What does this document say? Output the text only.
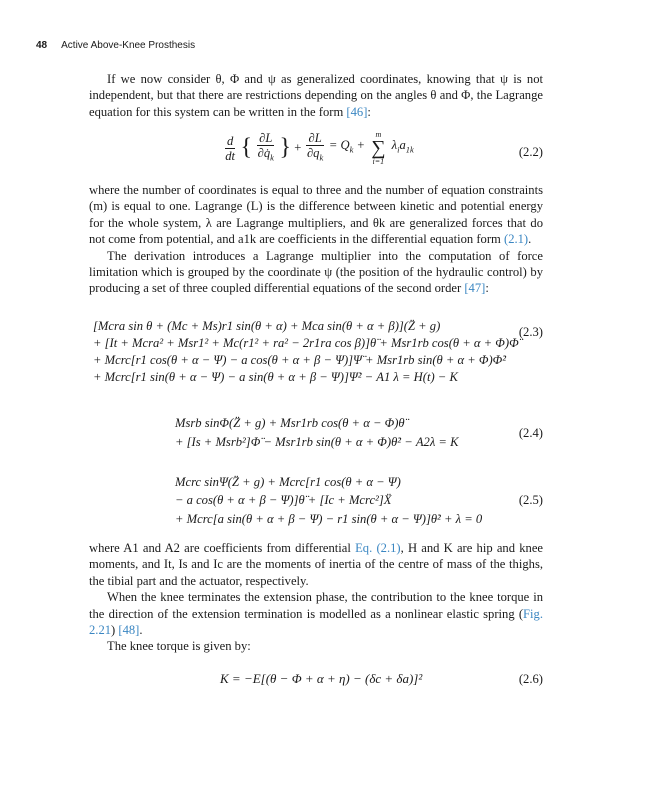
48 Active Above-Knee Prosthesis

If we now consider θ, Φ and ψ as generalized coordinates, knowing that ψ is not independent, but that there are restrictions depending on the angles θ and Φ, the Lagrange equation for this system can be written in the form [46]:

$\frac{d}{dt}$ { $\frac{\partial L}{\partial q̇_k}$ } + $\frac{\partial L}{\partial q_k} = Q_k$ +
m
∑
i=1
$\lambda_ia_{1k}$	(2.2)

where the number of coordinates is equal to three and the number of equation constraints (m) is equal to one. Lagrange (L) is the difference between kinetic and potential energy for the whole system, λ are Lagrange multipliers, and θk are generalized forces that do not come from potential, and a1k are coefficients in the differential equation form (2.1).

The derivation introduces a Lagrange multiplier into the computation of force limitation which is grouped by the coordinate ψ (the position of the hydraulic control) by producing a set of three coupled differential equations of the second order [47]:

[Mcra sin θ + (Mc + Ms)r1 sin(θ + α) + Mca sin(θ + α + β)](Z̈ + g)
+ [It + Mcra² + Msr1² + Mc(r1² + ra² − 2r1ra cos β)]θ̈ + Msr1rb cos(θ + α + Φ)Φ̈
+ Mcrc[r1 cos(θ + α − Ψ) − a cos(θ + α + β − Ψ)]Ψ̈ + Msr1rb sin(θ + α + Φ)Φ̇²
+ Mcrc[r1 sin(θ + α − Ψ) − a sin(θ + α + β − Ψ)]Ψ̇² − A1 λ = H(t) − K
(2.3)
Msrb sinΦ(Z̈ + g) + Msr1rb cos(θ + α − Φ)θ̈
+ [Is + Msrb²]Φ̈ − Msr1rb sin(θ + α + Φ)θ̇² − A2λ = K
(2.4)
Mcrc sinΨ(Z̈ + g) + Mcrc[r1 cos(θ + α − Ψ)
− a cos(θ + α + β − Ψ)]θ̈ + [Ic + Mcrc²]Ẍ
+ Mcrc[a sin(θ + α + β − Ψ) − r1 sin(θ + α − Ψ)]θ̇² + λ = 0
(2.5)

where A1 and A2 are coefficients from differential Eq. (2.1), H and K are hip and knee moments, and It, Is and Ic are the moments of inertia of the centre of mass of the thighs, the tibial part and the actuator, respectively.

When the knee terminates the extension phase, the contribution to the knee torque in the direction of the extension termination is modelled as a nonlinear elastic spring (Fig. 2.21) [48].

The knee torque is given by:

K = −E[(θ − Φ + α + η) − (δc + δa)]²	(2.6)
